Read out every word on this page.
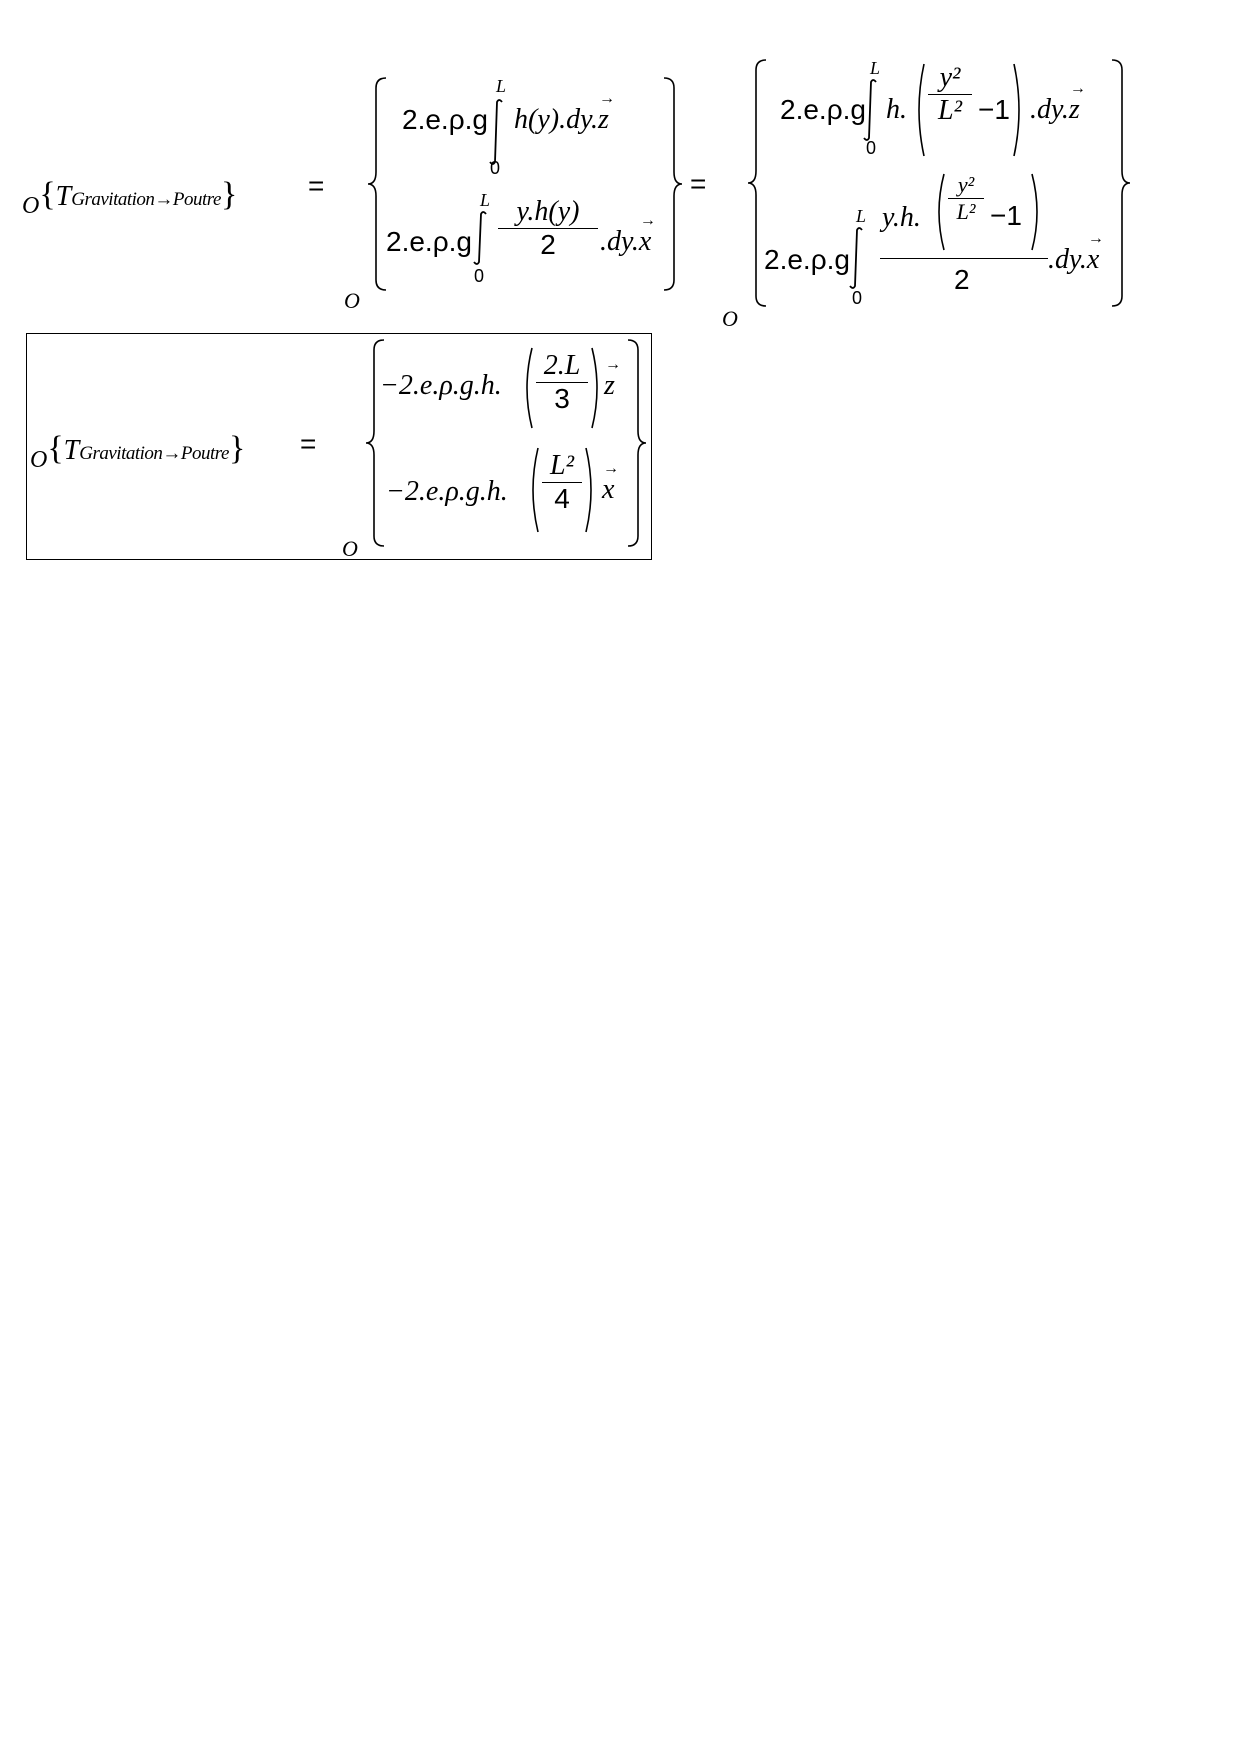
O{TGravitation→Poutre}	=
2.e.ρ.g
L
0
h(y).dy.→ z
2.e.ρ.g
L
0
y.h(y)
2 .dy.→ x
O
=
2.e.ρ.g
L
0
h.
y²
L² −1 .dy.→ z
2.e.ρ.g
L
0
y.h.
y²
L² −1
2
.dy.→ x
O
O{TGravitation→Poutre} =
−2.e.ρ.g.h.
2.L
3 → z
−2.e.ρ.g.h.
L²
4 → x
O
